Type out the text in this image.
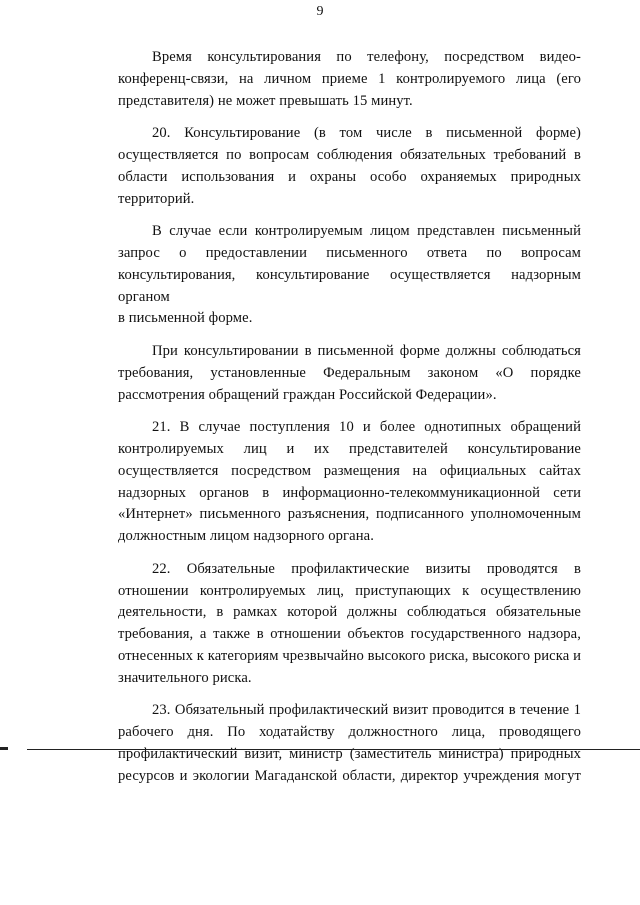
9
Время консультирования по телефону, посредством видео-
конференц-связи, на личном приеме 1 контролируемого лица (его
представителя) не может превышать 15 минут.
20. Консультирование (в том числе в письменной форме)
осуществляется по вопросам соблюдения обязательных требований в
области использования и охраны особо охраняемых природных
территорий.
В случае если контролируемым лицом представлен письменный
запрос о предоставлении письменного ответа по вопросам
консультирования, консультирование осуществляется надзорным органом
в письменной форме.
При консультировании в письменной форме должны соблюдаться
требования, установленные Федеральным законом «О порядке
рассмотрения обращений граждан Российской Федерации».
21. В случае поступления 10 и более однотипных обращений
контролируемых лиц и их представителей консультирование
осуществляется посредством размещения на официальных сайтах
надзорных органов в информационно-телекоммуникационной сети
«Интернет» письменного разъяснения, подписанного уполномоченным
должностным лицом надзорного органа.
22. Обязательные профилактические визиты проводятся в
отношении контролируемых лиц, приступающих к осуществлению
деятельности, в рамках которой должны соблюдаться обязательные
требования, а также в отношении объектов государственного надзора,
отнесенных к категориям чрезвычайно высокого риска, высокого риска и
значительного риска.
23. Обязательный профилактический визит проводится в течение 1
рабочего дня. По ходатайству должностного лица, проводящего
профилактический визит, министр (заместитель министра) природных
ресурсов и экологии Магаданской области, директор учреждения могут
